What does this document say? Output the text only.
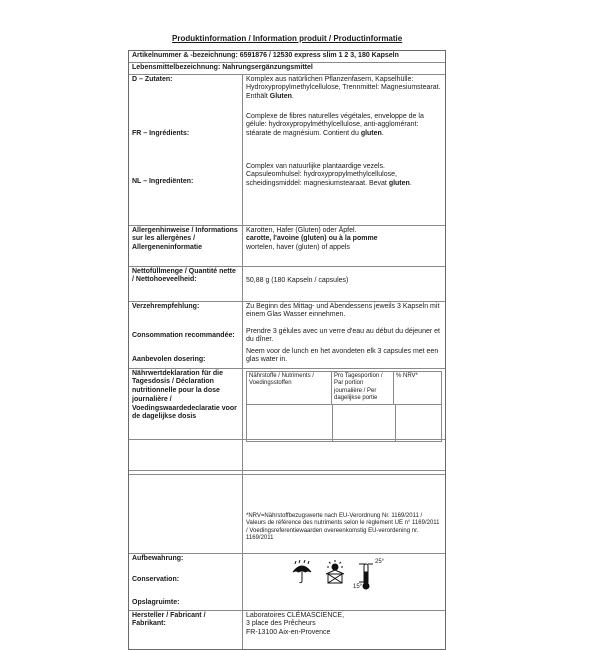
Produktinformation / Information produit / Productinformatie
Artikelnummer & -bezeichnung: 6591876 / 12530 express slim 1 2 3, 180 Kapseln
Lebensmittelbezeichnung: Nahrungsergänzungsmittel
D – Zutaten:
FR – Ingrédients:
NL – Ingrediënten:
Komplex aus natürlichen Pflanzenfasern, Kapselhülle: Hydroxypropylmethylcellulose, Trennmittel: Magnesiumstearat. Enthält Gluten.
Complexe de fibres naturelles végétales, enveloppe de la gélule: hydroxypropylméthylcellulose, anti-agglomérant: stéarate de magnésium. Contient du gluten.
Complex van natuurlijke plantaardige vezels. Capsuleomhulsel: hydroxypropylmethylcellulose, scheidingsmiddel: magnesiumstearaat. Bevat gluten.
Allergenhinweise / Informations sur les allergènes / Allergeneninformatie
Karotten, Hafer (Gluten) oder Äpfel.
carotte, l'avoine (gluten) ou à la pomme
wortelen, haver (gluten) of appels
Nettofüllmenge / Quantité nette / Nettohoeveelheid:	50,88 g (180 Kapseln / capsules)
Verzehrempfehlung:
Consommation recommandée:
Aanbevolen dosering:
Zu Beginn des Mittag- und Abendessens jeweils 3 Kapseln mit einem Glas Wasser einnehmen.
Prendre 3 gélules avec un verre d'eau au début du déjeuner et du dîner.
Neem voor de lunch en het avondeten elk 3 capsules met een glas water in.
Nährwertdeklaration für die Tagesdosis / Déclaration nutritionnelle pour la dose journalière / Voedingswaardedeclaratie voor de dagelijkse dosis
Nährstoffe / Nutriments / Voedingsstoffen
Pro Tagesportion / Par portion journalière / Per dagelijkse portie
% NRV*
*NRV=Nährstoffbezugswerte nach EU-Verordnung Nr. 1169/2011 / Valeurs de référence des nutriments selon le règlement UE n° 1169/2011 / Voedingsreferentiewaarden overeenkomstig EU-verordening nr. 1169/2011
Aufbewahrung:
Conservation:
Opslagruimte:
25°
15°
Hersteller / Fabricant / Fabrikant:
Laboratoires CLÉMASCIENCE,
3 place des Prêcheurs
FR-13100 Aix-en-Provence
